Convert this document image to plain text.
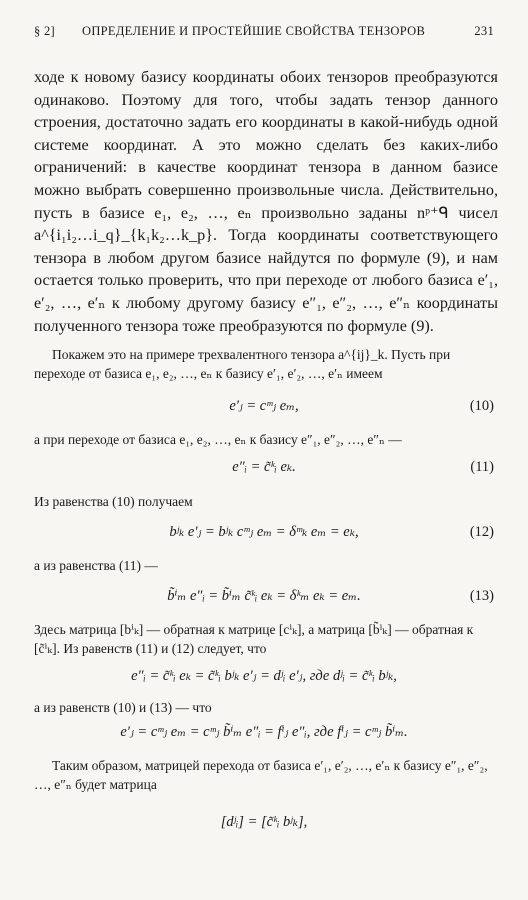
§ 2] ОПРЕДЕЛЕНИЕ И ПРОСТЕЙШИЕ СВОЙСТВА ТЕНЗОРОВ	231

ходе к новому базису координаты обоих тензоров преобразуются одинаково. Поэтому для того, чтобы задать тензор данного строения, достаточно задать его координаты в какой-нибудь одной системе координат. А это можно сделать без каких-либо ограничений: в качестве координат тензора в данном базисе можно выбрать совершенно произвольные числа. Действительно, пусть в базисе e₁, e₂, …, eₙ произвольно заданы nᵖ⁺ᑫ чисел a^{i₁i₂…i_q}_{k₁k₂…k_p}. Тогда координаты соответствующего тензора в любом другом базисе найдутся по формуле (9), и нам остается только проверить, что при переходе от любого базиса e′₁, e′₂, …, e′ₙ к любому другому базису e″₁, e″₂, …, e″ₙ координаты полученного тензора тоже преобразуются по формуле (9).

Покажем это на примере трехвалентного тензора a^{ij}_k. Пусть при переходе от базиса e₁, e₂, …, eₙ к базису e′₁, e′₂, …, e′ₙ имеем

e′ⱼ = cᵐⱼ eₘ,	(10)

а при переходе от базиса e₁, e₂, …, eₙ к базису e″₁, e″₂, …, e″ₙ —

e″ᵢ = c̃ᵏᵢ eₖ.	(11)

Из равенства (10) получаем

bʲₖ e′ⱼ = bʲₖ cᵐⱼ eₘ = δᵐₖ eₘ = eₖ,	(12)

а из равенства (11) —

b̃ⁱₘ e″ᵢ = b̃ⁱₘ c̃ᵏᵢ eₖ = δᵏₘ eₖ = eₘ.	(13)

Здесь матрица [bⁱₖ] — обратная к матрице [cⁱₖ], а матрица [b̃ⁱₖ] — обратная к [c̃ⁱₖ]. Из равенств (11) и (12) следует, что

e″ᵢ = c̃ᵏᵢ eₖ = c̃ᵏᵢ bʲₖ e′ⱼ = dʲᵢ e′ⱼ, где dʲᵢ = c̃ᵏᵢ bʲₖ,

а из равенств (10) и (13) — что

e′ⱼ = cᵐⱼ eₘ = cᵐⱼ b̃ⁱₘ e″ᵢ = fⁱⱼ e″ᵢ, где fⁱⱼ = cᵐⱼ b̃ⁱₘ.

Таким образом, матрицей перехода от базиса e′₁, e′₂, …, e′ₙ к базису e″₁, e″₂, …, e″ₙ будет матрица

[dʲᵢ] = [c̃ᵏᵢ bʲₖ],
